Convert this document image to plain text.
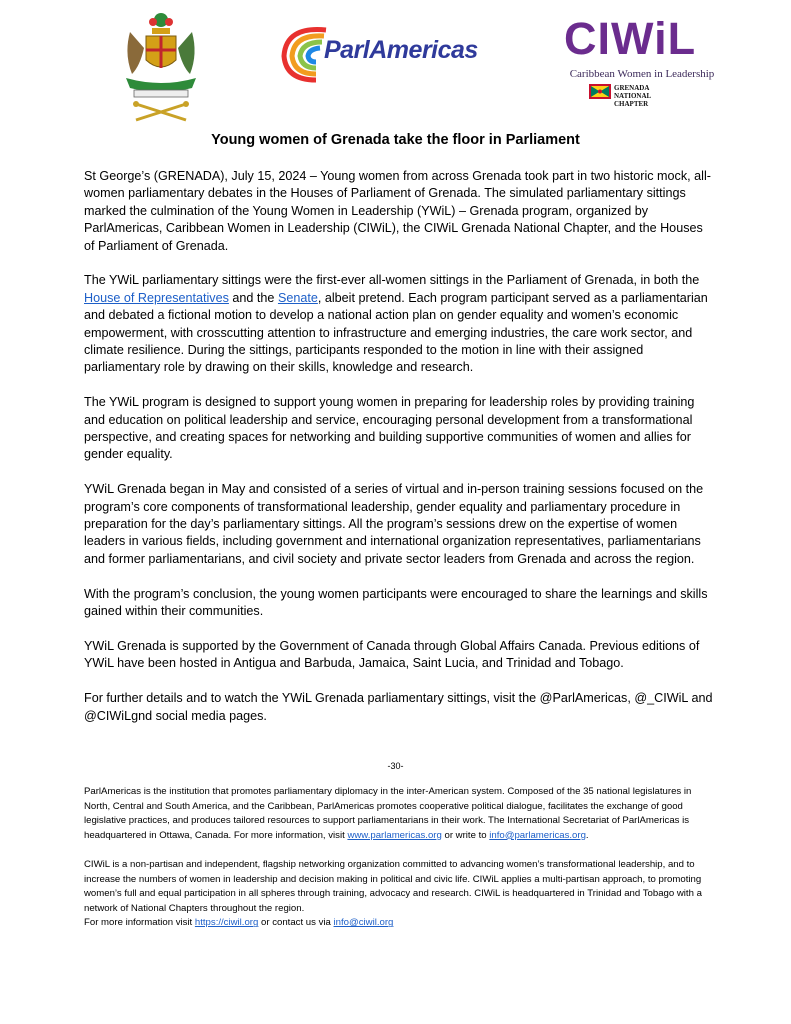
ParlAmericas CIWiL
Caribbean Women in Leadership
GRENADA NATIONAL CHAPTER
Young women of Grenada take the floor in Parliament

St George’s (GRENADA), July 15, 2024 – Young women from across Grenada took part in two historic mock, all-women parliamentary debates in the Houses of Parliament of Grenada. The simulated parliamentary sittings marked the culmination of the Young Women in Leadership (YWiL) – Grenada program, organized by ParlAmericas, Caribbean Women in Leadership (CIWiL), the CIWiL Grenada National Chapter, and the Houses of Parliament of Grenada.

The YWiL parliamentary sittings were the first-ever all-women sittings in the Parliament of Grenada, in both the House of Representatives and the Senate, albeit pretend. Each program participant served as a parliamentarian and debated a fictional motion to develop a national action plan on gender equality and women’s economic empowerment, with crosscutting attention to infrastructure and emerging industries, the care work sector, and climate resilience. During the sittings, participants responded to the motion in line with their assigned parliamentary role by drawing on their skills, knowledge and research.

The YWiL program is designed to support young women in preparing for leadership roles by providing training and education on political leadership and service, encouraging personal development from a transformational perspective, and creating spaces for networking and building supportive communities of women and allies for gender equality.

YWiL Grenada began in May and consisted of a series of virtual and in-person training sessions focused on the program’s core components of transformational leadership, gender equality and parliamentary procedure in preparation for the day’s parliamentary sittings. All the program’s sessions drew on the expertise of women leaders in various fields, including government and international organization representatives, parliamentarians and former parliamentarians, and civil society and private sector leaders from Grenada and across the region.

With the program’s conclusion, the young women participants were encouraged to share the learnings and skills gained within their communities.

YWiL Grenada is supported by the Government of Canada through Global Affairs Canada. Previous editions of YWiL have been hosted in Antigua and Barbuda, Jamaica, Saint Lucia, and Trinidad and Tobago.

For further details and to watch the YWiL Grenada parliamentary sittings, visit the @ParlAmericas, @_CIWiL and @CIWiLgnd social media pages.

-30-

ParlAmericas is the institution that promotes parliamentary diplomacy in the inter-American system. Composed of the 35 national legislatures in North, Central and South America, and the Caribbean, ParlAmericas promotes cooperative political dialogue, facilitates the exchange of good legislative practices, and produces tailored resources to support parliamentarians in their work. The International Secretariat of ParlAmericas is headquartered in Ottawa, Canada. For more information, visit www.parlamericas.org or write to info@parlamericas.org.

CIWiL is a non-partisan and independent, flagship networking organization committed to advancing women’s transformational leadership, and to increase the numbers of women in leadership and decision making in political and civic life. CIWiL applies a multi-partisan approach, to promoting women’s full and equal participation in all spheres through training, advocacy and research. CIWiL is headquartered in Trinidad and Tobago with a network of National Chapters throughout the region.

For more information visit https://ciwil.org or contact us via info@ciwil.org
